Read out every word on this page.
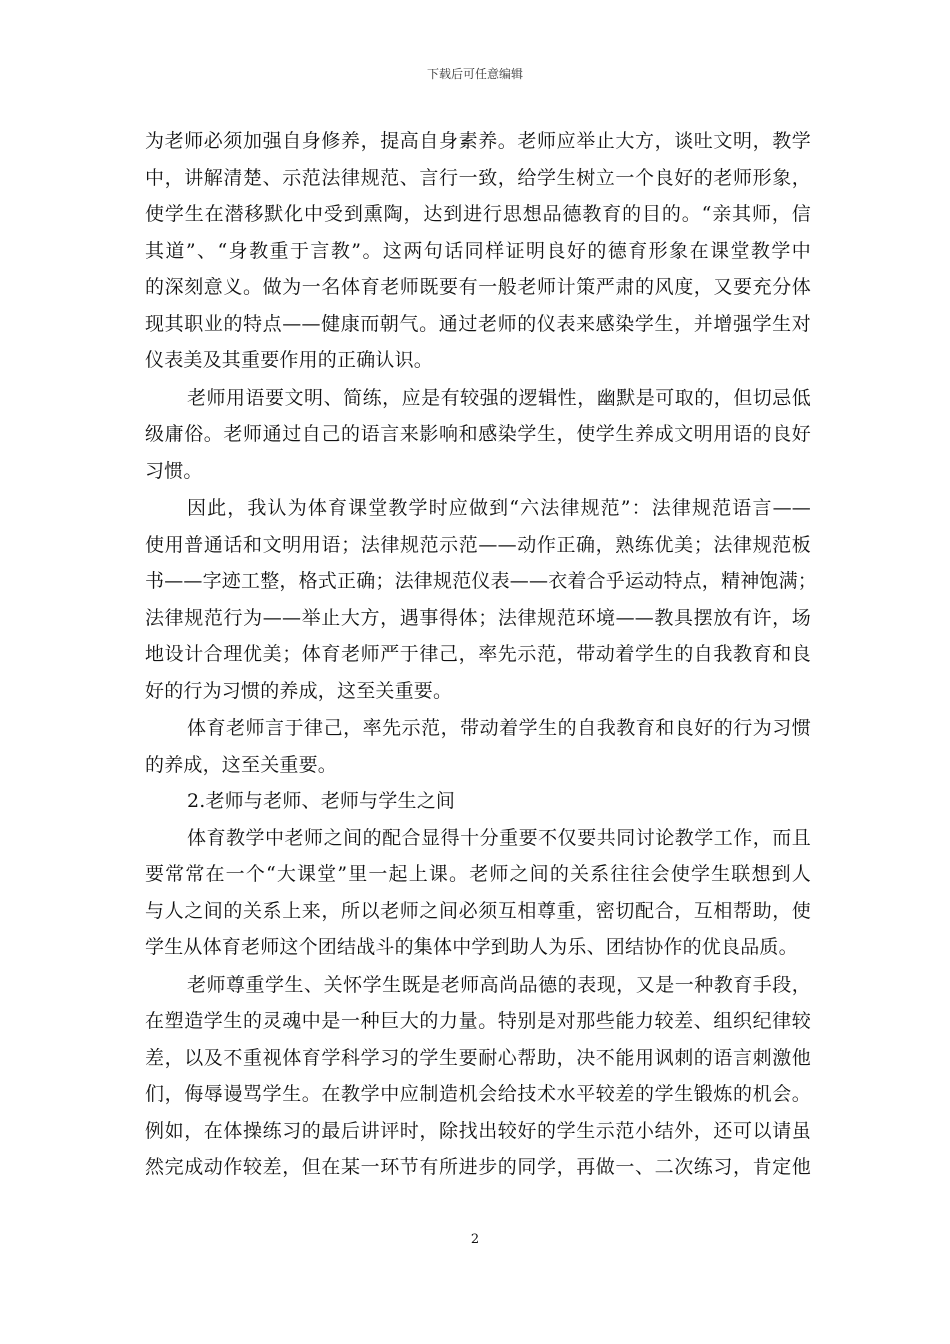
下载后可任意编辑
为老师必须加强自身修养，提高自身素养。老师应举止大方，谈吐文明，教学
中，讲解清楚、示范法律规范、言行一致，给学生树立一个良好的老师形象，
使学生在潜移默化中受到熏陶，达到进行思想品德教育的目的。“亲其师，信
其道”、“身教重于言教”。这两句话同样证明良好的德育形象在课堂教学中
的深刻意义。做为一名体育老师既要有一般老师计策严肃的风度，又要充分体
现其职业的特点——健康而朝气。通过老师的仪表来感染学生，并增强学生对
仪表美及其重要作用的正确认识。
老师用语要文明、简练，应是有较强的逻辑性，幽默是可取的，但切忌低
级庸俗。老师通过自己的语言来影响和感染学生，使学生养成文明用语的良好
习惯。
因此，我认为体育课堂教学时应做到“六法律规范”：法律规范语言——
使用普通话和文明用语；法律规范示范——动作正确，熟练优美；法律规范板
书——字迹工整，格式正确；法律规范仪表——衣着合乎运动特点，精神饱满；
法律规范行为——举止大方，遇事得体；法律规范环境——教具摆放有许，场
地设计合理优美；体育老师严于律己，率先示范，带动着学生的自我教育和良
好的行为习惯的养成，这至关重要。
体育老师言于律己，率先示范，带动着学生的自我教育和良好的行为习惯
的养成，这至关重要。
2.老师与老师、老师与学生之间
体育教学中老师之间的配合显得十分重要不仅要共同讨论教学工作，而且
要常常在一个“大课堂”里一起上课。老师之间的关系往往会使学生联想到人
与人之间的关系上来，所以老师之间必须互相尊重，密切配合，互相帮助，使
学生从体育老师这个团结战斗的集体中学到助人为乐、团结协作的优良品质。
老师尊重学生、关怀学生既是老师高尚品德的表现，又是一种教育手段，
在塑造学生的灵魂中是一种巨大的力量。特别是对那些能力较差、组织纪律较
差，以及不重视体育学科学习的学生要耐心帮助，决不能用讽刺的语言刺激他
们，侮辱谩骂学生。在教学中应制造机会给技术水平较差的学生锻炼的机会。
例如，在体操练习的最后讲评时，除找出较好的学生示范小结外，还可以请虽
然完成动作较差，但在某一环节有所进步的同学，再做一、二次练习，肯定他
2
